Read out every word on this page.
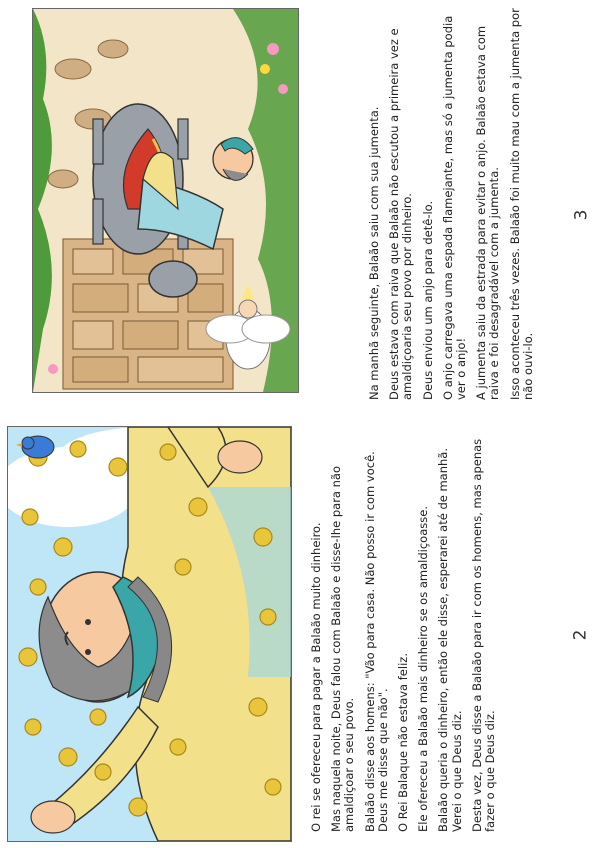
O rei se ofereceu para pagar a Balaão muito dinheiro. Mas naquela noite, Deus falou com Balaão e disse-lhe para não amaldiçoar o seu povo. Balaão disse aos homens: "Vão para casa. Não posso ir com você. Deus me disse que não". O Rei Balaque não estava feliz. Ele ofereceu a Balaão mais dinheiro se os amaldiçoasse. Balaão queria o dinheiro, então ele disse, esperarei até de manhã. Verei o que Deus diz. Desta vez, Deus disse a Balaão para ir com os homens, mas apenas fazer o que Deus diz.

Na manhã seguinte, Balaão saiu com sua jumenta. Deus estava com raiva que Balaão não escutou a primeira vez e amaldiçoaria seu povo por dinheiro. Deus enviou um anjo para detê-lo. O anjo carregava uma espada flamejante, mas só a jumenta podia ver o anjo! A jumenta saiu da estrada para evitar o anjo. Balaão estava com raiva e foi desagradável com a jumenta. Isso aconteceu três vezes. Balaão foi muito mau com a jumenta por não ouvi-lo.

2
3
